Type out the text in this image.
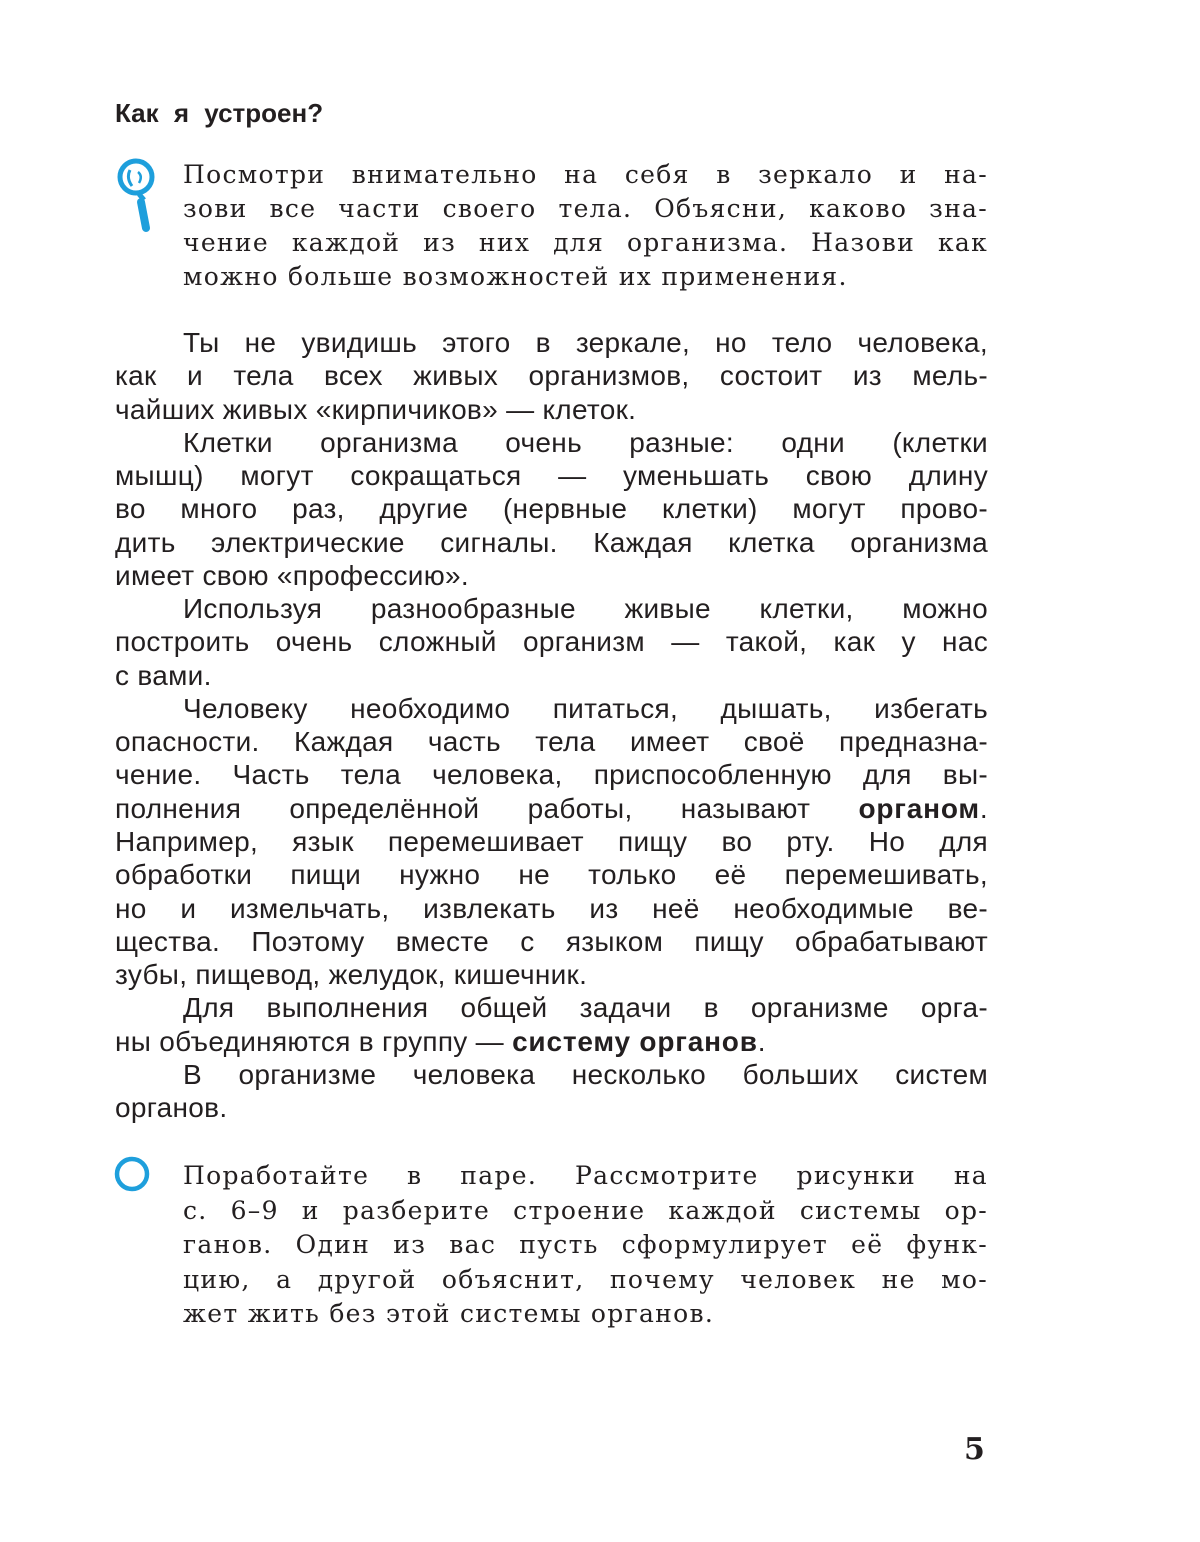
Как я устроен?
Посмотри внимательно на себя в зеркало и на-
зови все части своего тела. Объясни, каково зна-
чение каждой из них для организма. Назови как
можно больше возможностей их применения.
Ты не увидишь этого в зеркале, но тело человека,
как и тела всех живых организмов, состоит из мель-
чайших живых «кирпичиков» — клеток.
Клетки организма очень разные: одни (клетки
мышц) могут сокращаться — уменьшать свою длину
во много раз, другие (нервные клетки) могут прово-
дить электрические сигналы. Каждая клетка организма
имеет свою «профессию».
Используя разнообразные живые клетки, можно
построить очень сложный организм — такой, как у нас
с вами.
Человеку необходимо питаться, дышать, избегать
опасности. Каждая часть тела имеет своё предназна-
чение. Часть тела человека, приспособленную для вы-
полнения определённой работы, называют органом.
Например, язык перемешивает пищу во рту. Но для
обработки пищи нужно не только её перемешивать,
но и измельчать, извлекать из неё необходимые ве-
щества. Поэтому вместе с языком пищу обрабатывают
зубы, пищевод, желудок, кишечник.
Для выполнения общей задачи в организме орга-
ны объединяются в группу — систему органов.
В организме человека несколько больших систем
органов.
Поработайте в паре. Рассмотрите рисунки на
с. 6–9 и разберите строение каждой системы ор-
ганов. Один из вас пусть сформулирует её функ-
цию, а другой объяснит, почему человек не мо-
жет жить без этой системы органов.
5
